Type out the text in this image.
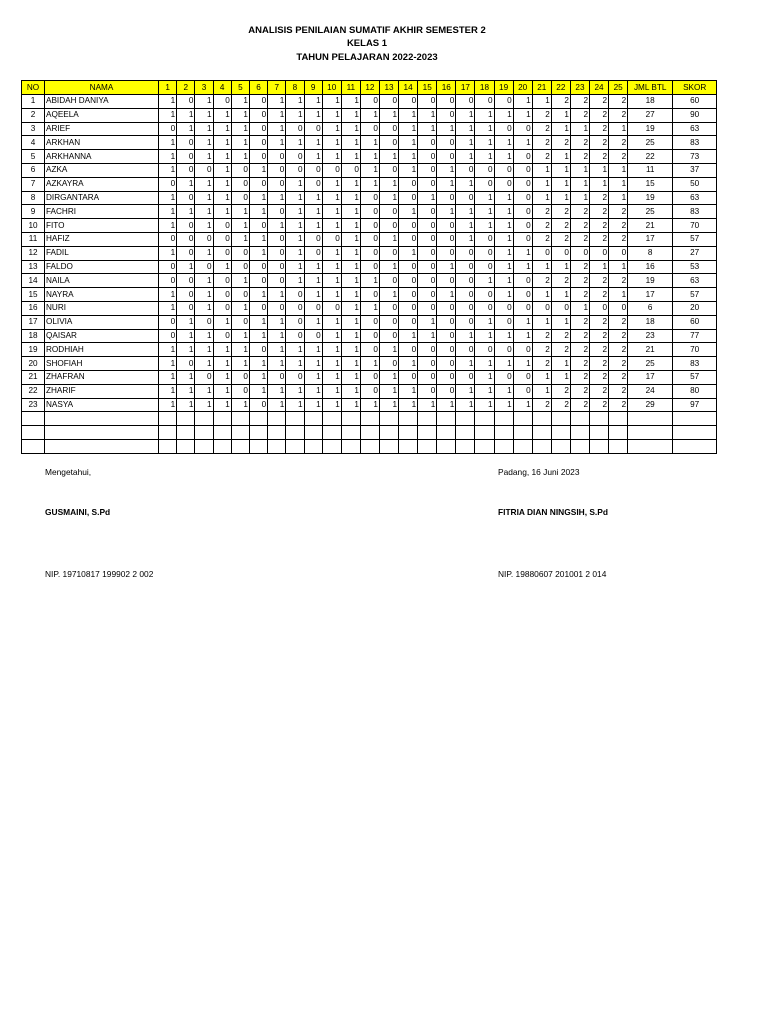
ANALISIS PENILAIAN SUMATIF AKHIR SEMESTER 2
KELAS 1
TAHUN PELAJARAN 2022-2023
NO	NAMA	1	2	3	4	5	6	7	8	9	10	11	12	13	14	15	16	17	18	19	20	21	22	23	24	25	JML BTL	SKOR
1	ABIDAH DANIYA	1	0	1	0	1	0	1	1	1	1	1	0	0	0	0	0	0	0	0	1	1	2	2	2	2	18	60
2	AQEELA	1	1	1	1	1	0	1	1	1	1	1	1	1	1	1	0	1	1	1	1	2	1	2	2	2	27	90
3	ARIEF	0	1	1	1	1	0	1	0	0	1	1	0	0	1	1	1	1	1	0	0	2	1	1	2	1	19	63
4	ARKHAN	1	0	1	1	1	0	1	1	1	1	1	1	0	1	0	0	1	1	1	1	2	2	2	2	2	25	83
5	ARKHANNA	1	0	1	1	1	0	0	0	1	1	1	1	1	1	0	0	1	1	1	0	2	1	2	2	2	22	73
6	AZKA	1	0	0	1	0	1	0	0	0	0	0	1	0	1	0	1	0	0	0	0	1	1	1	1	1	11	37
7	AZKAYRA	0	1	1	1	0	0	0	1	0	1	1	1	1	0	0	1	1	0	0	0	1	1	1	1	1	15	50
8	DIRGANTARA	1	0	1	1	0	1	1	1	1	1	1	0	1	0	1	0	0	1	1	0	1	1	1	2	1	19	63
9	FACHRI	1	1	1	1	1	1	0	1	1	1	1	0	0	1	0	1	1	1	1	0	2	2	2	2	2	25	83
10	FITO	1	0	1	0	1	0	1	1	1	1	1	0	0	0	0	0	1	1	1	0	2	2	2	2	2	21	70
11	HAFIZ	0	0	0	0	1	1	0	1	0	0	1	0	1	0	0	0	1	0	1	0	2	2	2	2	2	17	57
12	FADIL	1	0	1	0	0	1	0	1	0	1	1	0	0	1	0	0	0	0	1	1	0	0	0	0	0	8	27
13	FALDO	0	1	0	1	0	0	0	1	1	1	1	0	1	0	0	1	0	0	1	1	1	1	2	1	1	16	53
14	NAILA	0	0	1	0	1	0	0	1	1	1	1	1	0	0	0	0	0	1	1	0	2	2	2	2	2	19	63
15	NAYRA	1	0	1	0	0	1	1	0	1	1	1	0	1	0	0	1	0	0	1	0	1	1	2	2	1	17	57
16	NURI	1	0	1	0	1	0	0	0	0	0	1	1	0	0	0	0	0	0	0	0	0	0	1	0	0	6	20
17	OLIVIA	0	1	0	1	0	1	1	0	1	1	1	0	0	0	1	0	0	1	0	1	1	1	2	2	2	18	60
18	QAISAR	0	1	1	0	1	1	1	0	0	1	1	0	0	1	1	0	1	1	1	1	2	2	2	2	2	23	77
19	RODHIAH	1	1	1	1	1	0	1	1	1	1	1	0	1	0	0	0	0	0	0	0	2	2	2	2	2	21	70
20	SHOFIAH	1	0	1	1	1	1	1	1	1	1	1	1	0	1	0	0	1	1	1	1	2	1	2	2	2	25	83
21	ZHAFRAN	1	1	0	1	0	1	0	0	1	1	1	0	1	0	0	0	0	1	0	0	1	1	2	2	2	17	57
22	ZHARIF	1	1	1	1	0	1	1	1	1	1	1	0	1	1	0	0	1	1	1	0	1	2	2	2	2	24	80
23	NASYA	1	1	1	1	1	0	1	1	1	1	1	1	1	1	1	1	1	1	1	1	2	2	2	2	2	29	97

Mengetahui,
GUSMAINI, S.Pd
NIP. 19710817 199902 2 002
Padang, 16 Juni 2023
FITRIA DIAN NINGSIH, S.Pd
NIP. 19880607 201001 2 014
